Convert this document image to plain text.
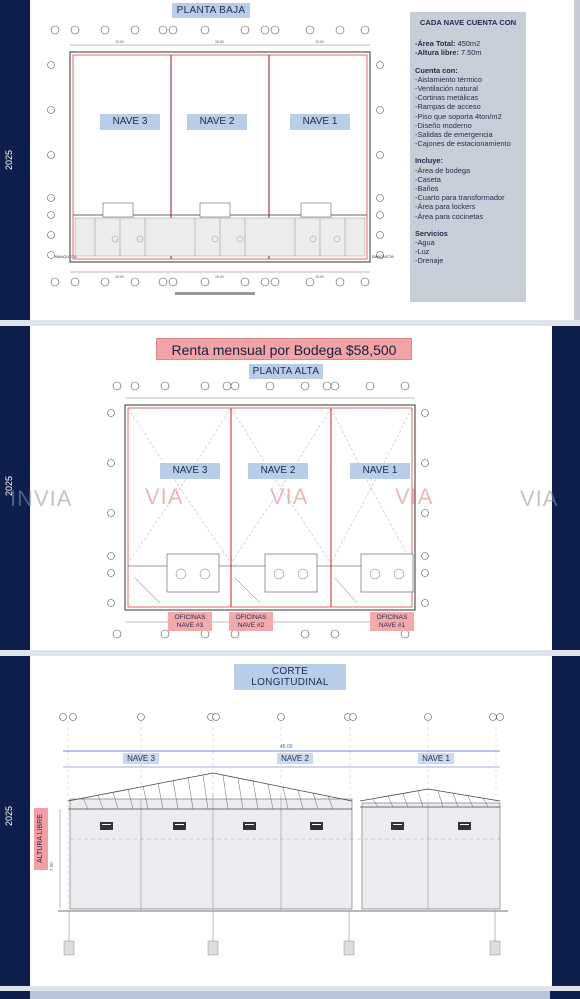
2025
PLANTA BAJA
15.00	15.00	15.00
15.00	15.00	15.00
NAVE 3	NAVE 2	NAVE 1
BANQUETA	BANQUETA
CADA NAVE CUENTA CON
-Área Total: 450m2
-Altura libre: 7.50m
Cuenta con:
-Aislamiento térmico
-Ventilación natural
-Cortinas metálicas
-Rampas de acceso
-Piso que soporta 4ton/m2
-Diseño moderno
-Salidas de emergencia
-Cajones de estacionamiento
Incluye:
-Área de bodega
-Caseta
-Baños
-Cuarto para transformador
-Área para lockers
-Área para cocinetas
Servicios
-Agua
-Luz
-Drenaje
2025
Renta mensual por Bodega $58,500
PLANTA ALTA
NAVE 3	NAVE 2	NAVE 1
OFICINAS
NAVE #3
OFICINAS
NAVE #2
OFICINAS
NAVE #1
INVIA	VIA	VIA	VIA	VIA
2025
CORTE LONGITUDINAL
45.00
7.50
NAVE 3	NAVE 2	NAVE 1
ALTURA LIBRE
